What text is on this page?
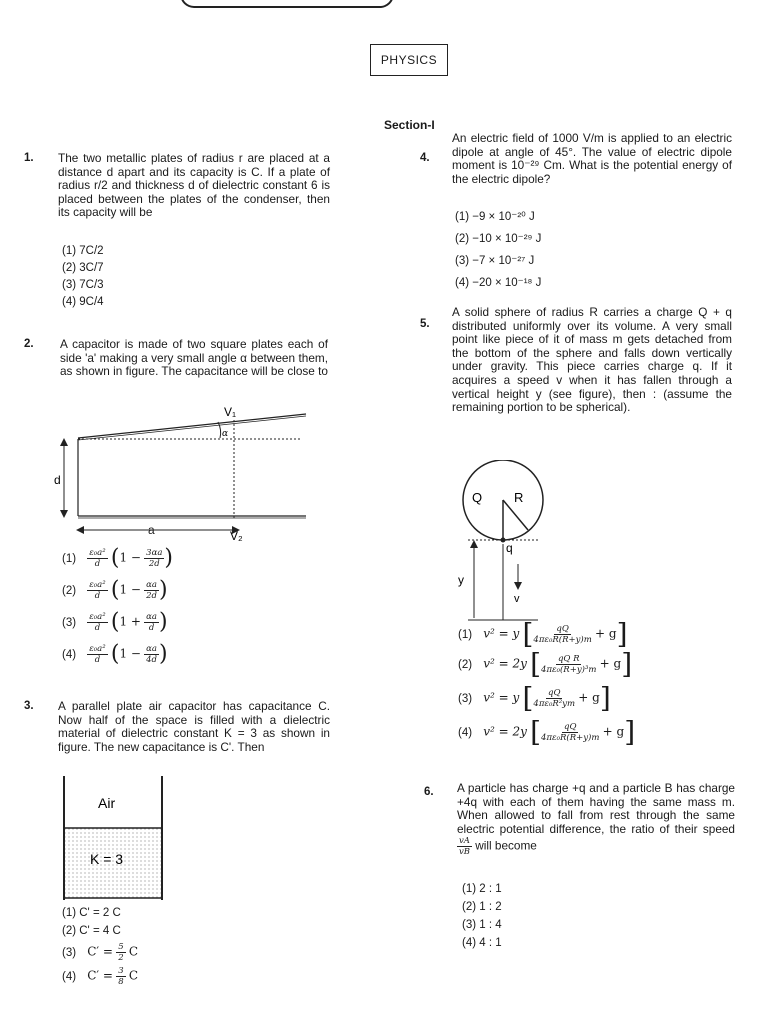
PHYSICS
Section-I
1. The two metallic plates of radius r are placed at a distance d apart and its capacity is C. If a plate of radius r/2 and thickness d of dielectric constant 6 is placed between the plates of the condenser, then its capacity will be
(1) 7C/2
(2) 3C/7
(3) 7C/3
(4) 9C/4
2. A capacitor is made of two square plates each of side 'a' making a very small angle α between them, as shown in figure. The capacitance will be close to
V₁
α
d
a	V₂
$(1) \frac{\text{ε₀a²}}{d} (1 - \frac{3\alpha a}{2d}$ )
$(2) \frac{\text{ε₀a²}}{d} (1 - \frac{\alpha a}{2d}$ )
$(3) \frac{\text{ε₀a²}}{d} (1 + \frac{\alpha a}{d}$ )
$(4) \frac{\text{ε₀a²}}{d} (1 - \frac{\alpha a}{4d}$ )
3. A parallel plate air capacitor has capacitance C. Now half of the space is filled with a dielectric material of dielectric constant K = 3 as shown in figure. The new capacitance is C'. Then
Air
K = 3
(1) C' = 2 C
(2) C' = 4 C
(3) $C' = \frac{5}{2}$ C
(4) $C' = \frac{3}{8}$ C
4.
An electric field of 1000 V/m is applied to an electric dipole at angle of 45°. The value of electric dipole moment is 10⁻²⁹ Cm. What is the potential energy of the electric dipole?
(1) −9 × 10⁻²⁰ J
(2) −10 × 10⁻²⁹ J
(3) −7 × 10⁻²⁷ J
(4) −20 × 10⁻¹⁸ J
5.
A solid sphere of radius R carries a charge Q + q distributed uniformly over its volume. A very small point like piece of it of mass m gets detached from the bottom of the sphere and falls down vertically under gravity. This piece carries charge q. If it acquires a speed v when it has fallen through a vertical height y (see figure), then : (assume the remaining portion to be spherical).
Q R
q
y
v
(1) v² = y [ $\frac{qQ}{\text{4πε₀R(R+y)m}} + g$]
(2) v² = 2y [ $\frac{\text{qQ R}}{\text{4πε₀(R+y)³m}} + g$]
(3) v² = y [ $\frac{qQ}{\text{4πε₀R²ym}} + g$]
(4) v² = 2y [ $\frac{qQ}{\text{4πε₀R(R+y)m}} + g$]
6. A particle has charge +q and a particle B has charge +4q with each of them having the same mass m. When allowed to fall from rest through the same electric potential difference, the ratio of their speed
$\frac{vA}{vB}$ will become
(1) 2 : 1
(2) 1 : 2
(3) 1 : 4
(4) 4 : 1
